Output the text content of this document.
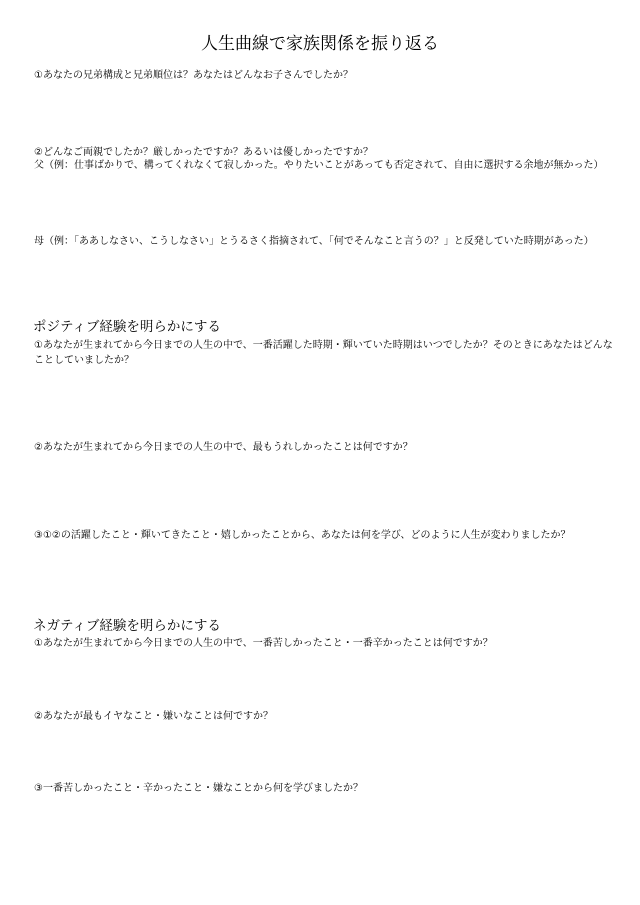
人生曲線で家族関係を振り返る
①あなたの兄弟構成と兄弟順位は？あなたはどんなお子さんでしたか？
②どんなご両親でしたか？厳しかったですか？あるいは優しかったですか？
父（例：仕事ばかりで、構ってくれなくて寂しかった。やりたいことがあっても否定されて、自由に選択する余地が無かった）
母（例：「ああしなさい、こうしなさい」とうるさく指摘されて、「何でそんなこと言うの？」と反発していた時期があった）
ポジティブ経験を明らかにする
①あなたが生まれてから今日までの人生の中で、一番活躍した時期・輝いていた時期はいつでしたか？そのときにあなたはどんなことしていましたか？
②あなたが生まれてから今日までの人生の中で、最もうれしかったことは何ですか？
③①②の活躍したこと・輝いてきたこと・嬉しかったことから、あなたは何を学び、どのように人生が変わりましたか？
ネガティブ経験を明らかにする
①あなたが生まれてから今日までの人生の中で、一番苦しかったこと・一番辛かったことは何ですか？
②あなたが最もイヤなこと・嫌いなことは何ですか？
③一番苦しかったこと・辛かったこと・嫌なことから何を学びましたか？
